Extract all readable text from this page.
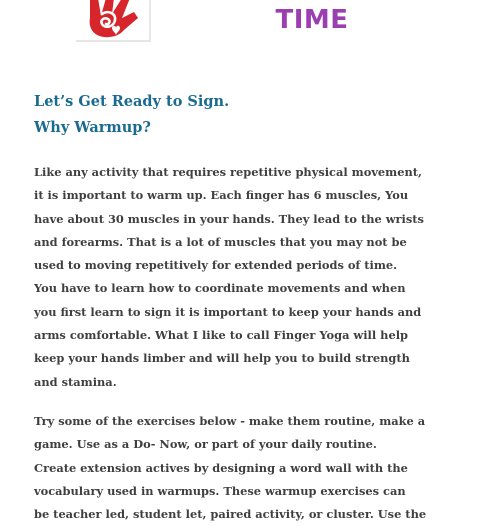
TIME
Let’s Get Ready to Sign.
Why Warmup?
Like any activity that requires repetitive physical movement,
it is important to warm up. Each finger has 6 muscles, You
have about 30 muscles in your hands. They lead to the wrists
and forearms. That is a lot of muscles that you may not be
used to moving repetitively for extended periods of time.
You have to learn how to coordinate movements and when
you first learn to sign it is important to keep your hands and
arms comfortable. What I like to call Finger Yoga will help
keep your hands limber and will help you to build strength
and stamina.
Try some of the exercises below - make them routine, make a
game. Use as a Do- Now, or part of your daily routine.
Create extension actives by designing a word wall with the
vocabulary used in warmups. These warmup exercises can
be teacher led, student let, paired activity, or cluster. Use the
